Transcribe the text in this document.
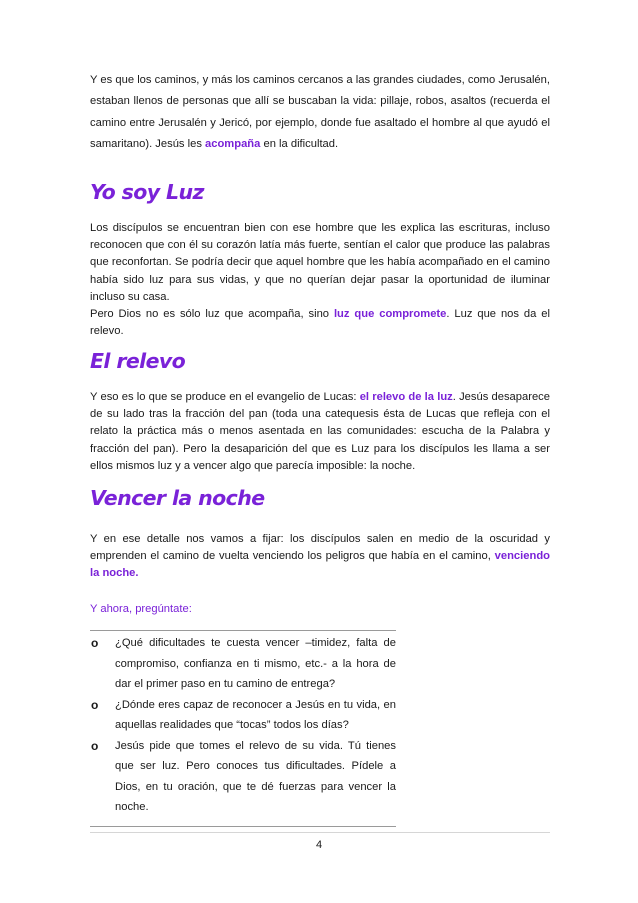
Y es que los caminos, y más los caminos cercanos a las grandes ciudades, como Jerusalén, estaban llenos de personas que allí se buscaban la vida: pillaje, robos, asaltos (recuerda el camino entre Jerusalén y Jericó, por ejemplo, donde fue asaltado el hombre al que ayudó el samaritano). Jesús les acompaña en la dificultad.

Yo soy Luz

Los discípulos se encuentran bien con ese hombre que les explica las escrituras, incluso reconocen que con él su corazón latía más fuerte, sentían el calor que produce las palabras que reconfortan. Se podría decir que aquel hombre que les había acompañado en el camino había sido luz para sus vidas, y que no querían dejar pasar la oportunidad de iluminar incluso su casa.

Pero Dios no es sólo luz que acompaña, sino luz que compromete. Luz que nos da el relevo.

El relevo

Y eso es lo que se produce en el evangelio de Lucas: el relevo de la luz. Jesús desaparece de su lado tras la fracción del pan (toda una catequesis ésta de Lucas que refleja con el relato la práctica más o menos asentada en las comunidades: escucha de la Palabra y fracción del pan). Pero la desaparición del que es Luz para los discípulos les llama a ser ellos mismos luz y a vencer algo que parecía imposible: la noche.

Vencer la noche

Y en ese detalle nos vamos a fijar: los discípulos salen en medio de la oscuridad y emprenden el camino de vuelta venciendo los peligros que había en el camino, venciendo la noche.

Y ahora, pregúntate:
o	¿Qué dificultades te cuesta vencer –timidez, falta de compromiso, confianza en ti mismo, etc.- a la hora de dar el primer paso en tu camino de entrega?
o	¿Dónde eres capaz de reconocer a Jesús en tu vida, en aquellas realidades que “tocas” todos los días?
o	Jesús pide que tomes el relevo de su vida. Tú tienes que ser luz. Pero conoces tus dificultades. Pídele a Dios, en tu oración, que te dé fuerzas para vencer la noche.
4
